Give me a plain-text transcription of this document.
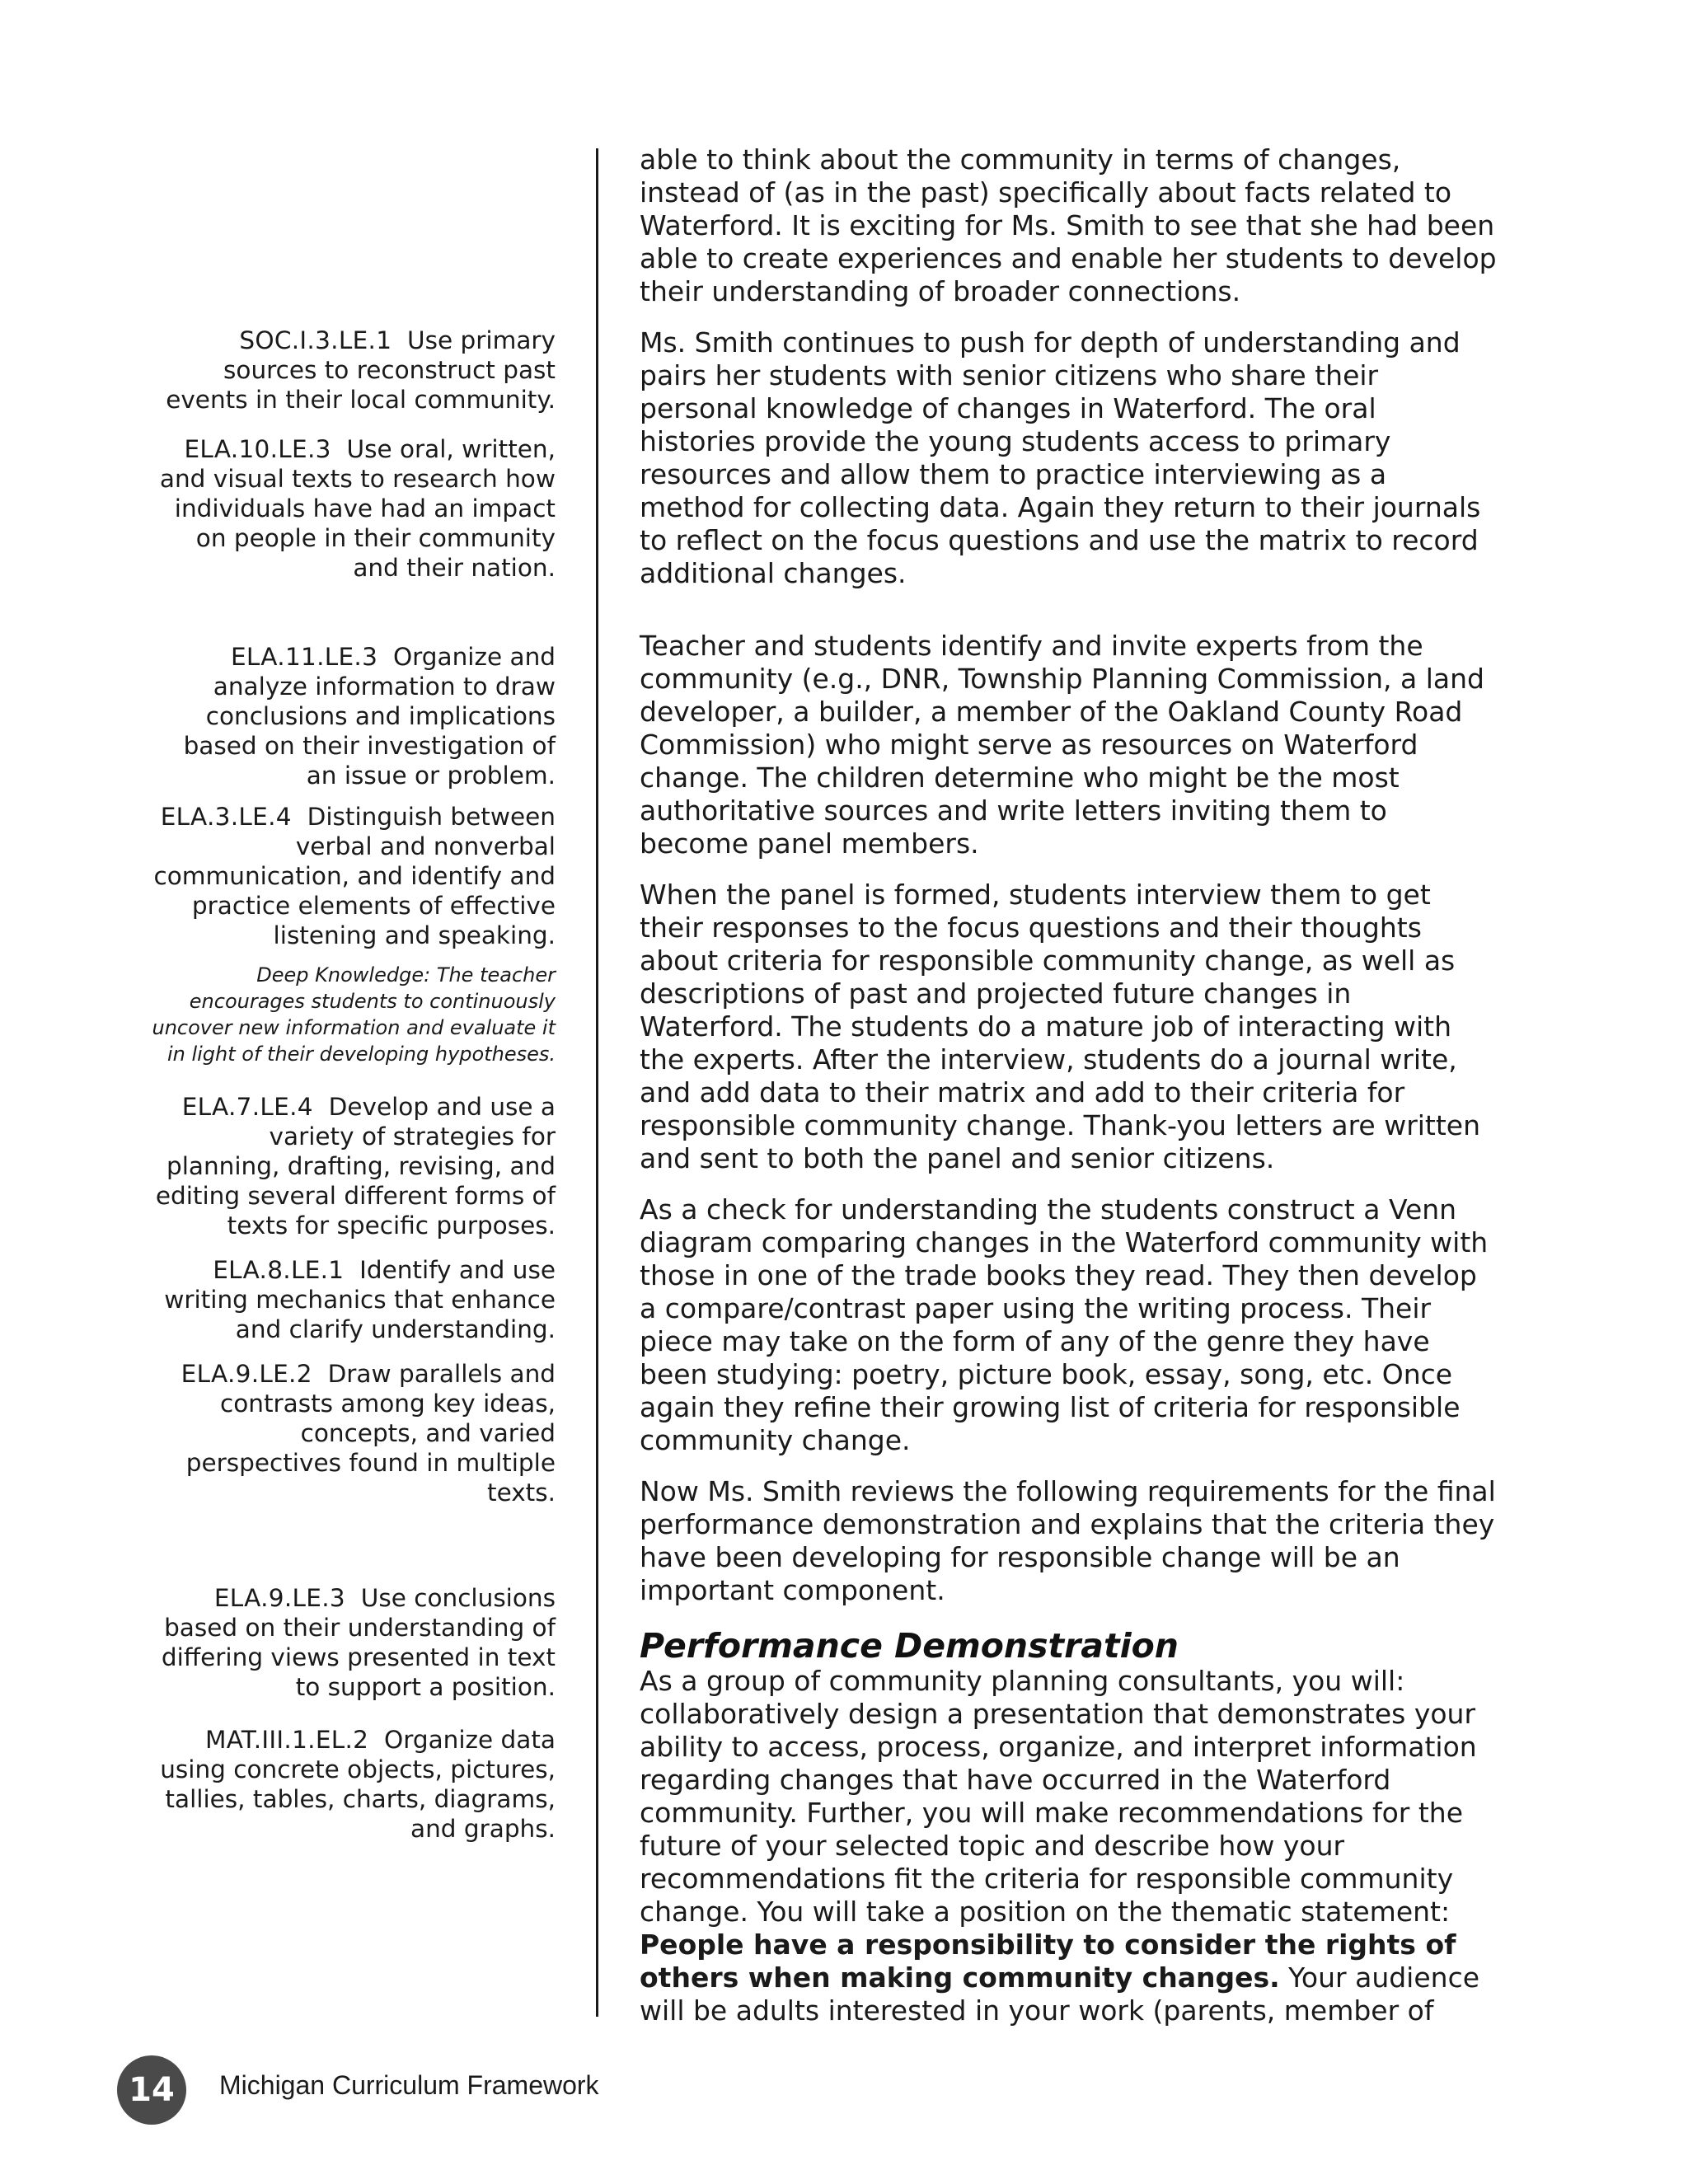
SOC.I.3.LE.1 Use primary sources to reconstruct past events in their local community.

ELA.10.LE.3 Use oral, written, and visual texts to research how individuals have had an impact on people in their community and their nation.

ELA.11.LE.3 Organize and analyze information to draw conclusions and implications based on their investigation of an issue or problem.

ELA.3.LE.4 Distinguish between verbal and nonverbal communication, and identify and practice elements of effective listening and speaking.

Deep Knowledge: The teacher encourages students to continuously uncover new information and evaluate it in light of their developing hypotheses.

ELA.7.LE.4 Develop and use a variety of strategies for planning, drafting, revising, and editing several different forms of texts for specific purposes.

ELA.8.LE.1 Identify and use writing mechanics that enhance and clarify understanding.

ELA.9.LE.2 Draw parallels and contrasts among key ideas, concepts, and varied perspectives found in multiple texts.

ELA.9.LE.3 Use conclusions based on their understanding of differing views presented in text to support a position.

MAT.III.1.EL.2 Organize data using concrete objects, pictures, tallies, tables, charts, diagrams, and graphs.

able to think about the community in terms of changes, instead of (as in the past) specifically about facts related to Waterford. It is exciting for Ms. Smith to see that she had been able to create experiences and enable her students to develop their understanding of broader connections.

Ms. Smith continues to push for depth of understanding and pairs her students with senior citizens who share their personal knowledge of changes in Waterford. The oral histories provide the young students access to primary resources and allow them to practice interviewing as a method for collecting data. Again they return to their journals to reflect on the focus questions and use the matrix to record additional changes.

Teacher and students identify and invite experts from the community (e.g., DNR, Township Planning Commission, a land developer, a builder, a member of the Oakland County Road Commission) who might serve as resources on Waterford change. The children determine who might be the most authoritative sources and write letters inviting them to become panel members.

When the panel is formed, students interview them to get their responses to the focus questions and their thoughts about criteria for responsible community change, as well as descriptions of past and projected future changes in Waterford. The students do a mature job of interacting with the experts. After the interview, students do a journal write, and add data to their matrix and add to their criteria for responsible community change. Thank-you letters are written and sent to both the panel and senior citizens.

As a check for understanding the students construct a Venn diagram comparing changes in the Waterford community with those in one of the trade books they read. They then develop a compare/contrast paper using the writing process. Their piece may take on the form of any of the genre they have been studying: poetry, picture book, essay, song, etc. Once again they refine their growing list of criteria for responsible community change.

Now Ms. Smith reviews the following requirements for the final performance demonstration and explains that the criteria they have been developing for responsible change will be an important component.

Performance Demonstration

As a group of community planning consultants, you will: collaboratively design a presentation that demonstrates your ability to access, process, organize, and interpret information regarding changes that have occurred in the Waterford community. Further, you will make recommendations for the future of your selected topic and describe how your recommendations fit the criteria for responsible community change. You will take a position on the thematic statement: People have a responsibility to consider the rights of others when making community changes. Your audience will be adults interested in your work (parents, member of

14	Michigan Curriculum Framework
